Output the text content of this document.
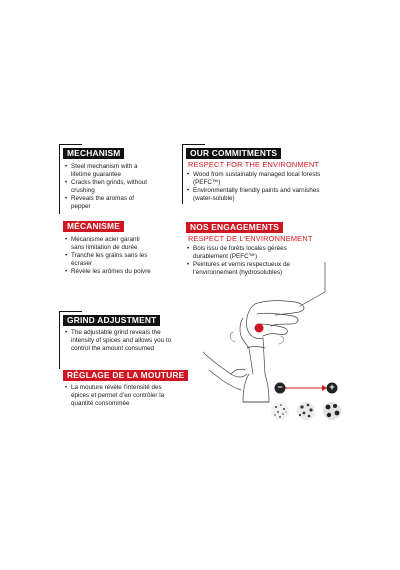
MECHANISM
• Steel mechanism with a lifetime guarantee
• Cracks then grinds, without crushing
• Reveals the aromas of pepper
MÉCANISME
• Mécanisme acier garanti sans limitation de durée
• Tranche les grains sans les écraser
• Révèle les arômes du poivre
OUR COMMITMENTS
RESPECT FOR THE ENVIRONMENT
• Wood from sustainably managed local forests (PEFC™)
• Environmentally friendly paints and varnishes (water-soluble)
NOS ENGAGEMENTS
RESPECT DE L’ENVIRONNEMENT
• Bois issu de forêts locales gérées durablement (PEFC™)
• Peintures et vernis respectueux de l’environnement (hydrosolubles)
GRIND ADJUSTMENT
• The adjustable grind reveals the intensity of spices and allows you to control the amount consumed
RÉGLAGE DE LA MOUTURE
• La mouture révèle l’intensité des épices et permet d’en contrôler la quantité consommée
−	+
